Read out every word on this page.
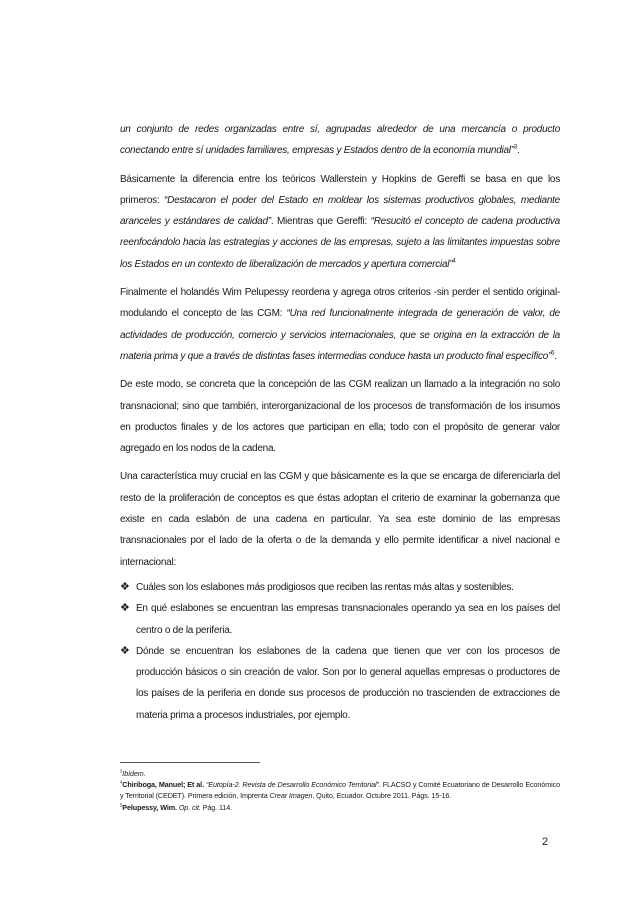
un conjunto de redes organizadas entre sí, agrupadas alrededor de una mercancía o producto conectando entre sí unidades familiares, empresas y Estados dentro de la economía mundial”$^3$.

Básicamente la diferencia entre los teóricos Wallerstein y Hopkins de Gereffi se basa en que los primeros: “Destacaron el poder del Estado en moldear los sistemas productivos globales, mediante aranceles y estándares de calidad”. Mientras que Gereffi: “Resucitó el concepto de cadena productiva reenfocándolo hacia las estrategias y acciones de las empresas, sujeto a las limitantes impuestas sobre los Estados en un contexto de liberalización de mercados y apertura comercial”$^4$

Finalmente el holandés Wim Pelupessy reordena y agrega otros criterios -sin perder el sentido original- modulando el concepto de las CGM: “Una red funcionalmente integrada de generación de valor, de actividades de producción, comercio y servicios internacionales, que se origina en la extracción de la materia prima y que a través de distintas fases intermedias conduce hasta un producto final específico”$^5$.

De este modo, se concreta que la concepción de las CGM realizan un llamado a la integración no solo transnacional; sino que también, interorganizacional de los procesos de transformación de los insumos en productos finales y de los actores que participan en ella; todo con el propósito de generar valor agregado en los nodos de la cadena.

Una característica muy crucial en las CGM y que básicamente es la que se encarga de diferenciarla del resto de la proliferación de conceptos es que éstas adoptan el criterio de examinar la gobernanza que existe en cada eslabón de una cadena en particular. Ya sea este dominio de las empresas transnacionales por el lado de la oferta o de la demanda y ello permite identificar a nivel nacional e internacional:

❖ Cuáles son los eslabones más prodigiosos que reciben las rentas más altas y sostenibles.
❖ En qué eslabones se encuentran las empresas transnacionales operando ya sea en los países del centro o de la periferia.
❖ Dónde se encuentran los eslabones de la cadena que tienen que ver con los procesos de producción básicos o sin creación de valor. Son por lo general aquellas empresas o productores de los países de la periferia en donde sus procesos de producción no trascienden de extracciones de materia prima a procesos industriales, por ejemplo.

$^3$Ibídem.

$^4$Chiriboga, Manuel; Et al. “Eutopía-2. Revista de Desarrollo Económico Territorial”. FLACSO y Comité Ecuatoriano de Desarrollo Económico y Territorial (CEDET). Primera edición, Imprenta Crear Imagen, Quito, Ecuador. Octubre 2011. Págs. 15-16.

$^5$Pelupessy, Wim. Op. cit. Pág. 114.

2
